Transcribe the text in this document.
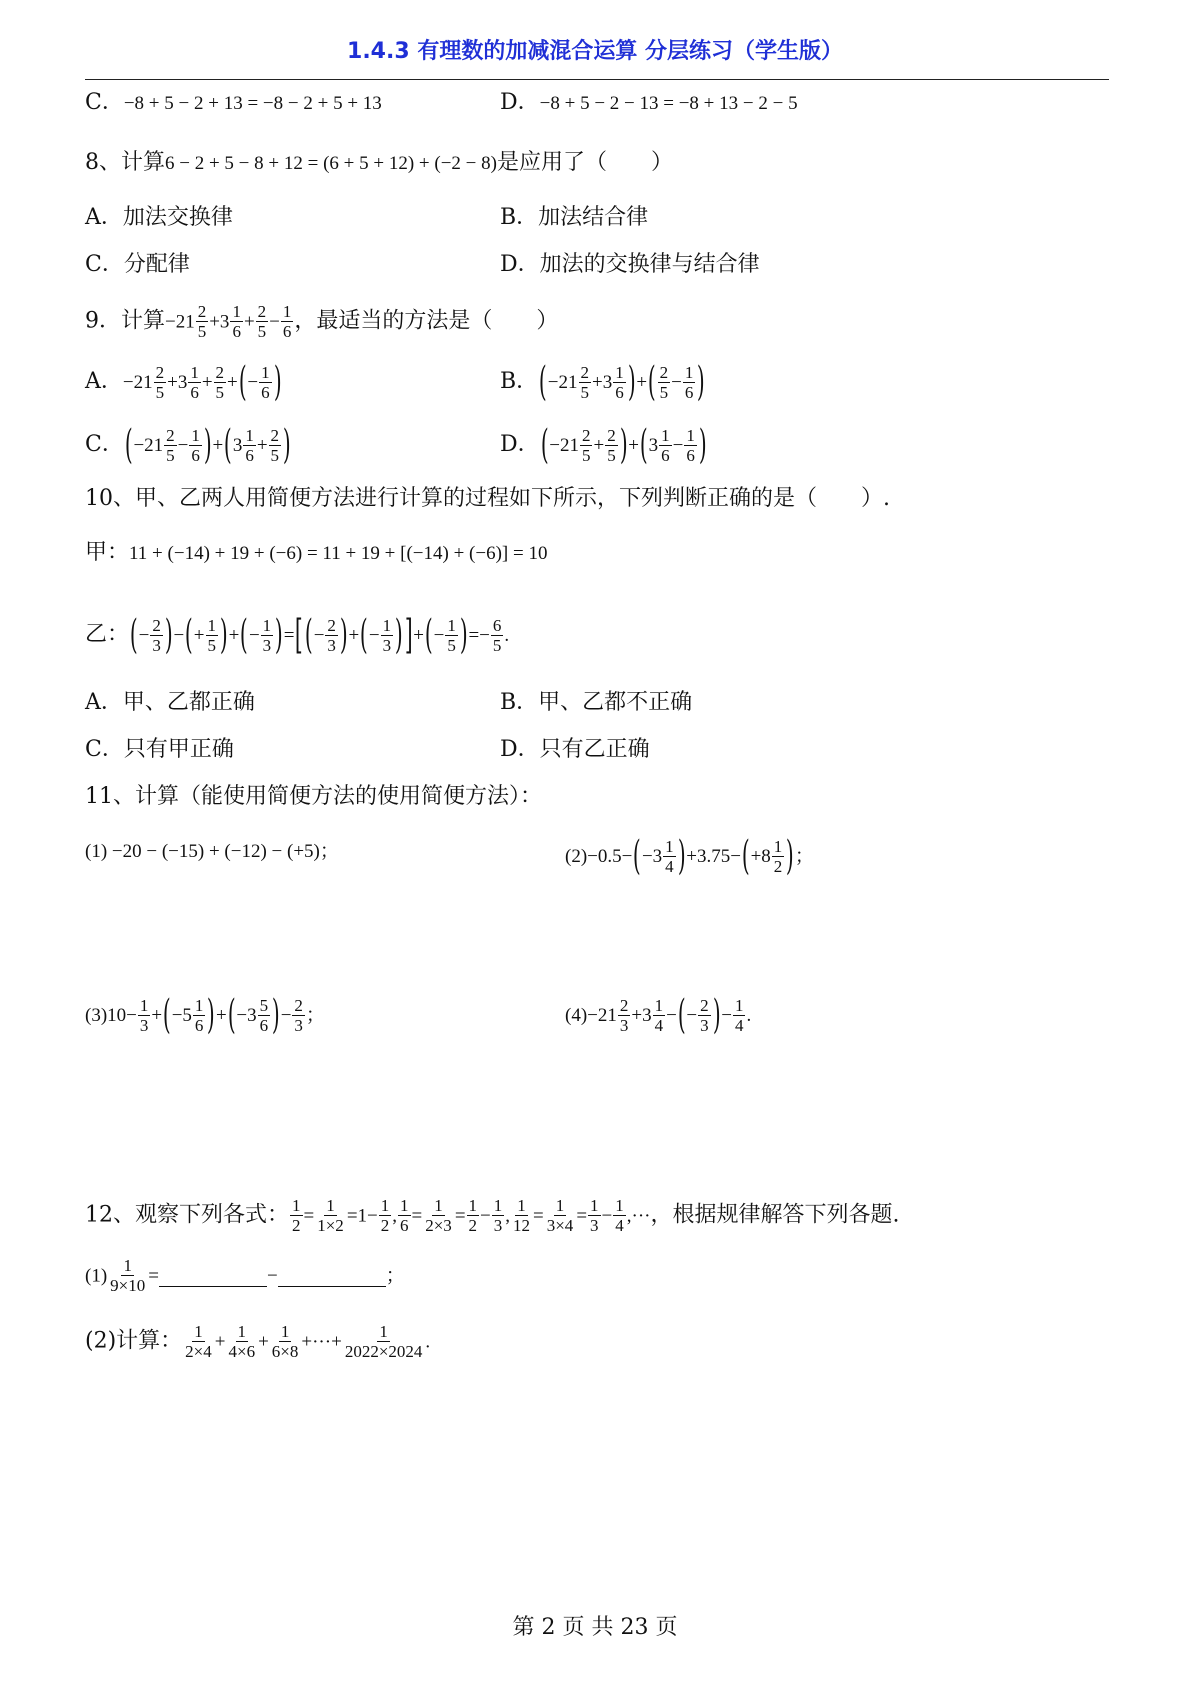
1.4.3 有理数的加减混合运算 分层练习（学生版）
C．−8 + 5 − 2 + 13 = −8 − 2 + 5 + 13	D．−8 + 5 − 2 − 13 = −8 + 13 − 2 − 5
8、计算6 − 2 + 5 − 8 + 12 = (6 + 5 + 12) + (−2 − 8)是应用了（　　）
A．加法交换律	B．加法结合律
C．分配律	D．加法的交换律与结合律
9．计算$-21 \frac{2}{5} +3 \frac{1}{6} + \frac{2}{5} - \frac{1}{6}$ ，最适当的方法是（　　）
A．$-21 \frac{2}{5} +3 \frac{1}{6} + \frac{2}{5}$ +(− $\frac{1}{6}$ )	B．($-21 \frac{2}{5} +3 \frac{1}{6}$ )+( $\frac{2}{5} - \frac{1}{6}$ )
C．$(-21 \frac{2}{5} - \frac{1}{6} )+(3 \frac{1}{6} + \frac{2}{5}$ )	D．$(-21 \frac{2}{5} + \frac{2}{5} )+(3 \frac{1}{6} - \frac{1}{6}$ )
10、甲、乙两人用简便方法进行计算的过程如下所示，下列判断正确的是（　　）.
甲：11 + (−14) + 19 + (−6) = 11 + 19 + [(−14) + (−6)] = 10
乙：(− $\frac{2}{3}$ )−(+ $\frac{1}{5}$ )+(− $\frac{1}{3}$ )=[(− $\frac{2}{3}$ )+(− $\frac{1}{3}$ )]+(− $\frac{1}{5}$ )=− $\frac{6}{5}$ .
A．甲、乙都正确	B．甲、乙都不正确
C．只有甲正确	D．只有乙正确
11、计算（能使用简便方法的使用简便方法）：
(1) −20 − (−15) + (−12) − (+5)；	$(2)-0.5-(-3 \frac{1}{4} )+3.75-(+8 \frac{1}{2}$ )；
$(3)10- \frac{1}{3} +(-5 \frac{1}{6} )+(-3 \frac{5}{6}$ )− $\frac{2}{3}$ ；	$(4)-21 \frac{2}{3} +3 \frac{1}{4}$ −(− $\frac{2}{3}$ )− $\frac{1}{4}$ .
12、观察下列各式： $\frac{1}{2} = \frac{1}{1\times 2} =1- \frac{1}{2}$ , $\frac{1}{6} = \frac{1}{2\times 3} = \frac{1}{2} - \frac{1}{3}$ , $\frac{1}{12} = \frac{1}{3\times 4} = \frac{1}{3} - \frac{1}{4}$ ,···，根据规律解答下列各题.
$(1) \frac{1}{9\times 10}$ =	−	；
(2)计算： $\frac{1}{2\times 4} + \frac{1}{4\times 6} + \frac{1}{6\times 8}$ +···+ $\frac{1}{2022\times 2024}$ .
第 2 页 共 23 页
